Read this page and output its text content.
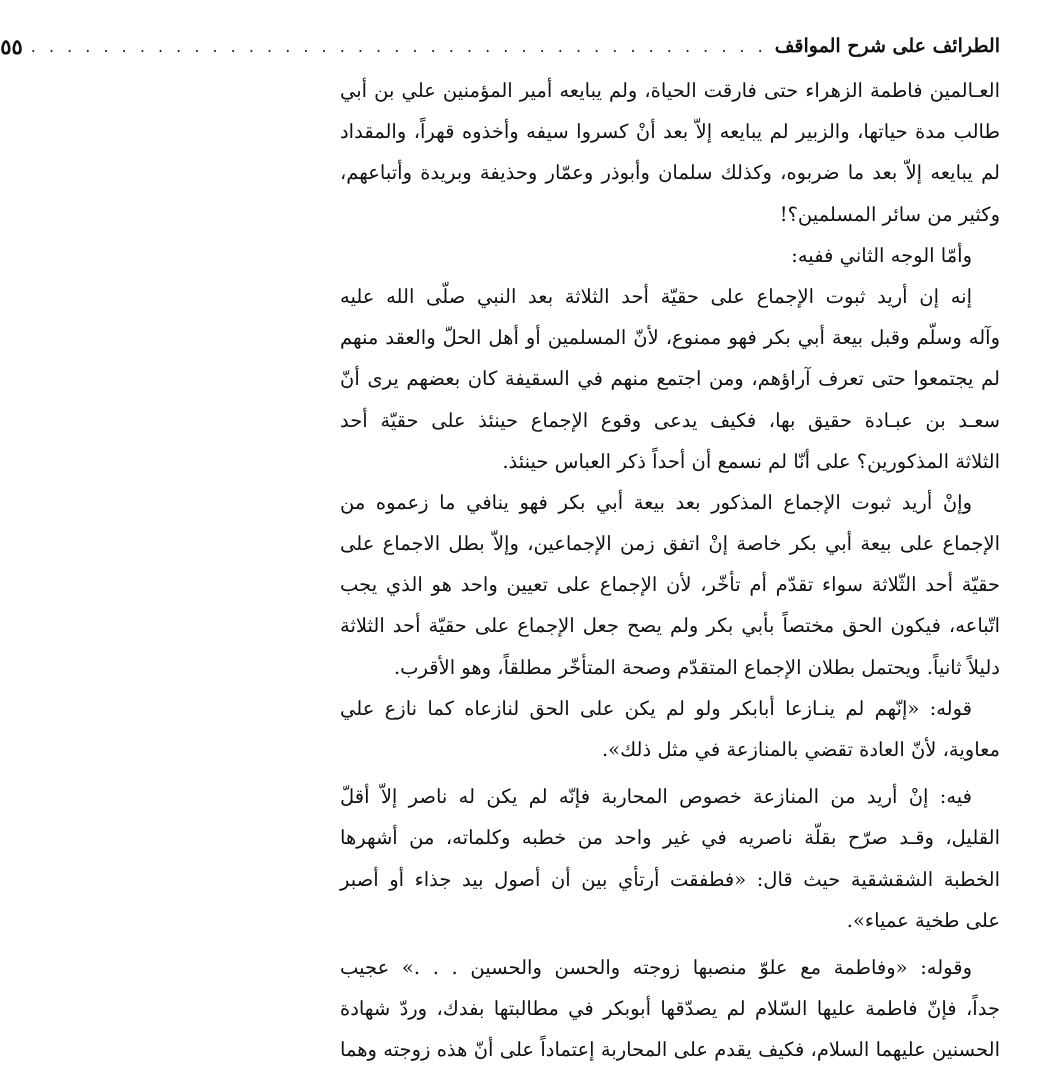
الطرائف على شرح المواقف
. . . . . . . . . . . . . . . . . . . . . . . . . . . . . . . . . . . . . . . . .
٥٥
العـالمين فاطمة الزهراء حتى فارقت الحياة، ولم يبايعه أمير المؤمنين علي بن أبي
طالب مدة حياتها، والزبير لم يبايعه إلاّ بعد أنْ كسروا سيفه وأخذوه قهراً، والمقداد
لم يبايعه إلاّ بعد ما ضربوه، وكذلك سلمان وأبوذر وعمّار وحذيفة وبريدة وأتباعهم،
وكثير من سائر المسلمين؟!
وأمّا الوجه الثاني ففيه:
إنه إن أريد ثبوت الإجماع على حقيّة أحد الثلاثة بعد النبي صلّى الله عليه
وآله وسلّم وقبل بيعة أبي بكر فهو ممنوع، لأنّ المسلمين أو أهل الحلّ والعقد منهم
لم يجتمعوا حتى تعرف آراؤهم، ومن اجتمع منهم في السقيفة كان بعضهم يرى أنّ
سعـد بن عبـادة حقيق بها، فكيف يدعى وقوع الإجماع حينئذ على حقيّة أحد
الثلاثة المذكورين؟ على أنّا لم نسمع أن أحداً ذكر العباس حينئذ.
وإنْ أريد ثبوت الإجماع المذكور بعد بيعة أبي بكر فهو ينافي ما زعموه من
الإجماع على بيعة أبي بكر خاصة إنْ اتفق زمن الإجماعين، وإلاّ بطل الاجماع على
حقيّة أحد الثّلاثة سواء تقدّم أم تأخّر، لأن الإجماع على تعيين واحد هو الذي يجب
اتّباعه، فيكون الحق مختصاً بأبي بكر ولم يصح جعل الإجماع على حقيّة أحد الثلاثة
دليلاً ثانياً. ويحتمل بطلان الإجماع المتقدّم وصحة المتأخّر مطلقاً، وهو الأقرب.
قوله: «إنّهم لم ينـازعا أبابكر ولو لم يكن على الحق لنازعاه كما نازع علي
معاوية، لأنّ العادة تقضي بالمنازعة في مثل ذلك».
فيه: إنْ أريد من المنازعة خصوص المحاربة فإنّه لم يكن له ناصر إلاّ أقلّ
القليل، وقـد صرّح بقلّة ناصريه في غير واحد من خطبه وكلماته، من أشهرها
الخطبة الشقشقية حيث قال: «فطفقت أرتأي بين أن أصول بيد جذاء أو أصبر
على طخية عمياء».
وقوله: «وفاطمة مع علوّ منصبها زوجته والحسن والحسين . . .» عجيب
جداً، فإنّ فاطمة عليها السّلام لم يصدّقها أبوبكر في مطالبتها بفدك، وردّ شهادة
الحسنين عليهما السلام، فكيف يقدم على المحاربة إعتماداً على أنّ هذه زوجته وهما
